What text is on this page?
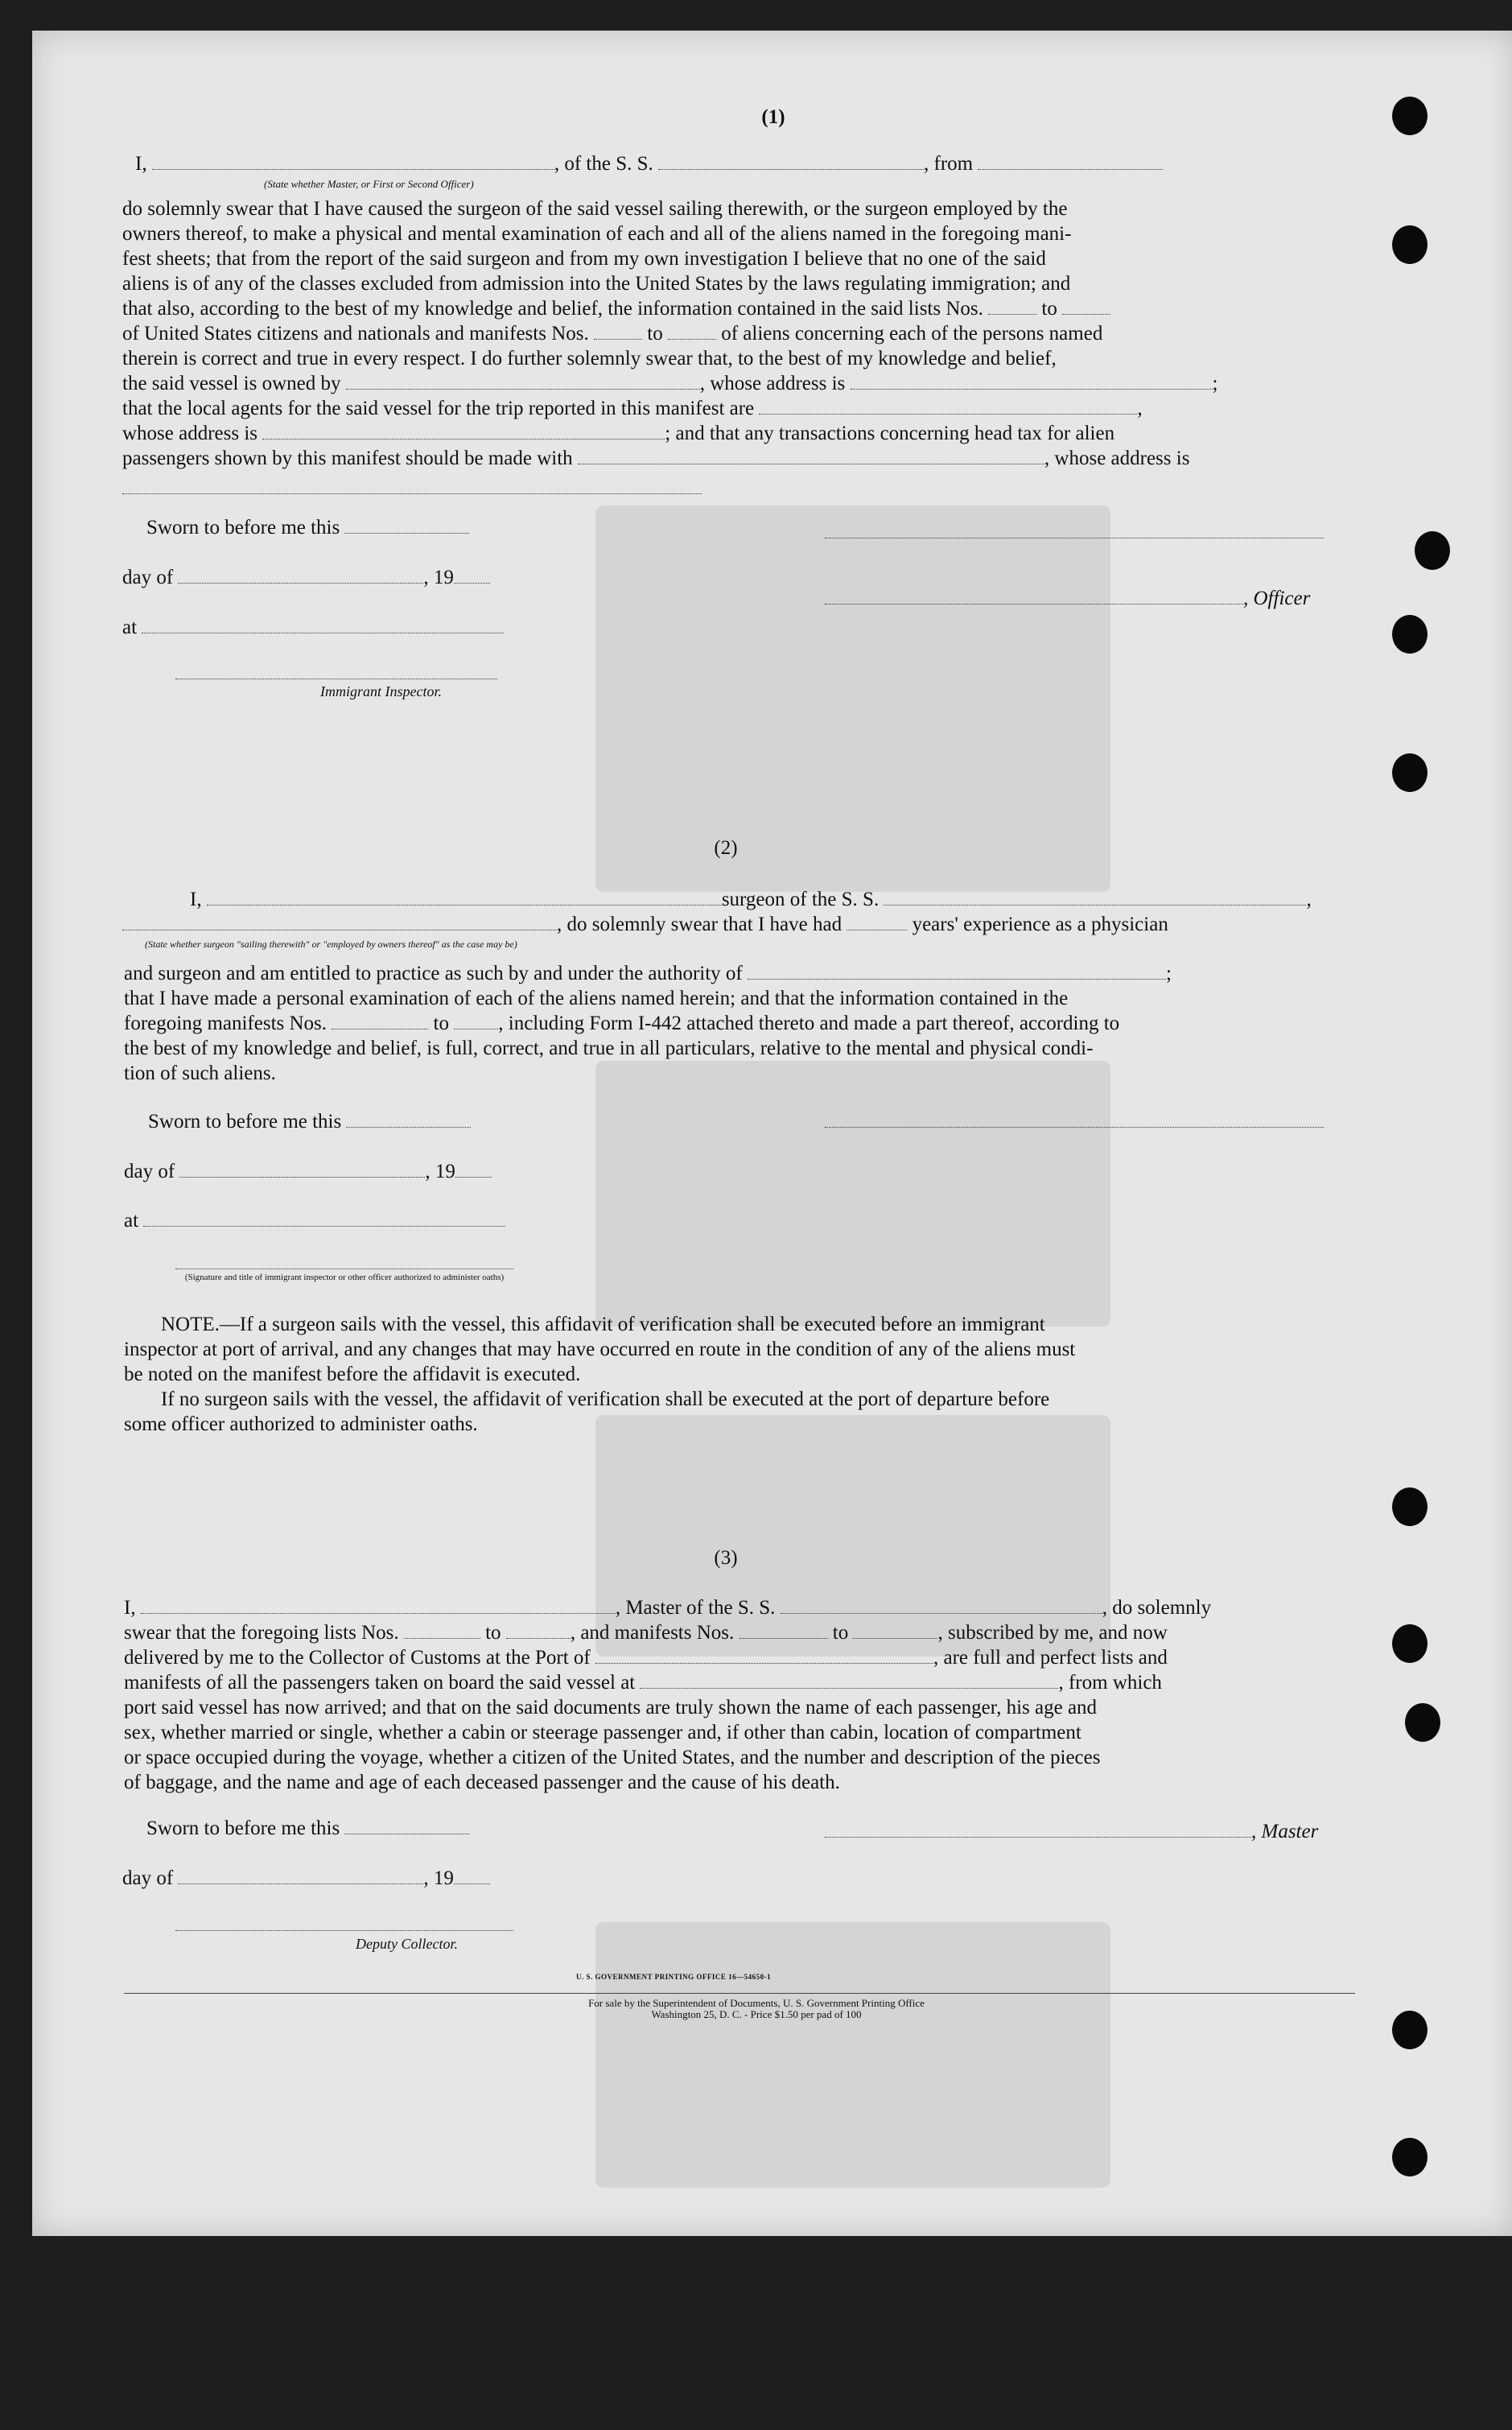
(1)
I,	, of the S. S.	, from
(State whether Master, or First or Second Officer)
do solemnly swear that I have caused the surgeon of the said vessel sailing therewith, or the surgeon employed by the
owners thereof, to make a physical and mental examination of each and all of the aliens named in the foregoing mani-
fest sheets; that from the report of the said surgeon and from my own investigation I believe that no one of the said
aliens is of any of the classes excluded from admission into the United States by the laws regulating immigration; and
that also, according to the best of my knowledge and belief, the information contained in the said lists Nos.	to
of United States citizens and nationals and manifests Nos.	to	of aliens concerning each of the persons named
therein is correct and true in every respect. I do further solemnly swear that, to the best of my knowledge and belief,
the said vessel is owned by	, whose address is	;
that the local agents for the said vessel for the trip reported in this manifest are	,
whose address is	; and that any transactions concerning head tax for alien
passengers shown by this manifest should be made with	, whose address is
Sworn to before me this
day of	, 19
, Officer
at
Immigrant Inspector.
(2)
I,	surgeon of the S. S.	,
, do solemnly swear that I have had	years' experience as a physician
(State whether surgeon "sailing therewith" or "employed by owners thereof" as the case may be)
and surgeon and am entitled to practice as such by and under the authority of	;
that I have made a personal examination of each of the aliens named herein; and that the information contained in the
foregoing manifests Nos.	to , including Form I-442 attached thereto and made a part thereof, according to
the best of my knowledge and belief, is full, correct, and true in all particulars, relative to the mental and physical condi-
tion of such aliens.
Sworn to before me this
day of	, 19
at
(Signature and title of immigrant inspector or other officer authorized to administer oaths)
NOTE.—If a surgeon sails with the vessel, this affidavit of verification shall be executed before an immigrant
inspector at port of arrival, and any changes that may have occurred en route in the condition of any of the aliens must
be noted on the manifest before the affidavit is executed.
If no surgeon sails with the vessel, the affidavit of verification shall be executed at the port of departure before
some officer authorized to administer oaths.
(3)
I,	, Master of the S. S.	, do solemnly
swear that the foregoing lists Nos.	to	, and manifests Nos.	to	, subscribed by me, and now
delivered by me to the Collector of Customs at the Port of	, are full and perfect lists and
manifests of all the passengers taken on board the said vessel at	, from which
port said vessel has now arrived; and that on the said documents are truly shown the name of each passenger, his age and
sex, whether married or single, whether a cabin or steerage passenger and, if other than cabin, location of compartment
or space occupied during the voyage, whether a citizen of the United States, and the number and description of the pieces
of baggage, and the name and age of each deceased passenger and the cause of his death.
Sworn to before me this	, Master
day of	, 19
Deputy Collector.
U. S. GOVERNMENT PRINTING OFFICE 16—54650-1
For sale by the Superintendent of Documents, U. S. Government Printing Office
Washington 25, D. C. - Price $1.50 per pad of 100
